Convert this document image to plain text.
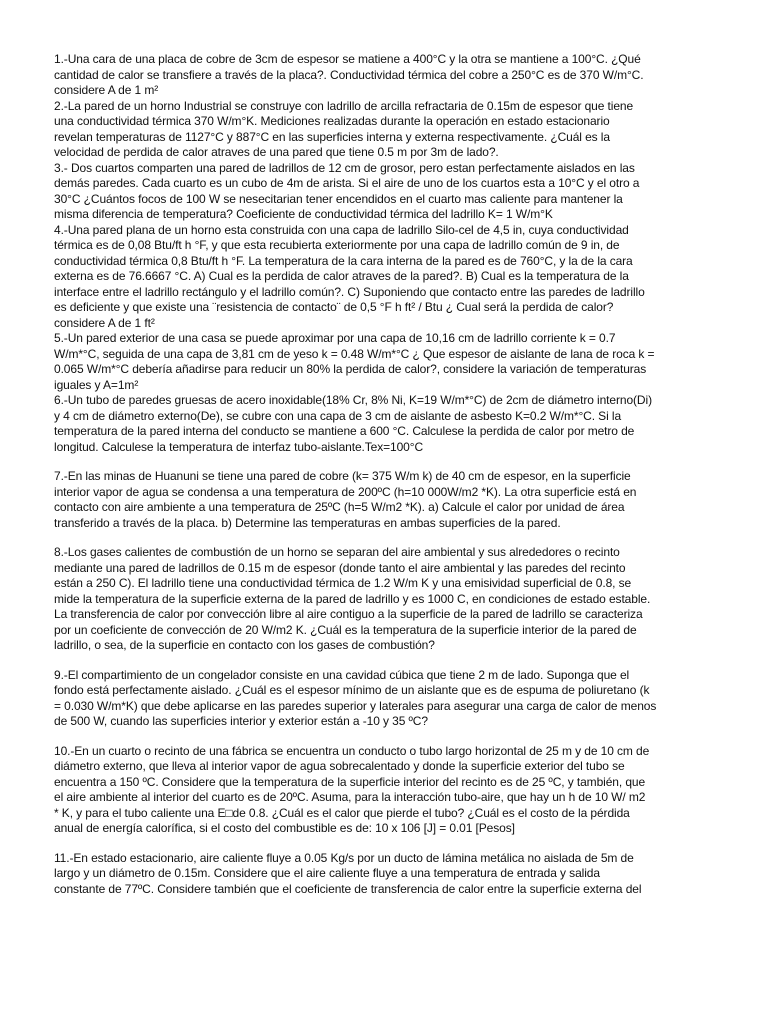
1.-Una cara de una placa de cobre de 3cm de espesor se matiene a 400°C y la otra se mantiene a 100°C. ¿Qué
cantidad de calor se transfiere a través de la placa?. Conductividad térmica del cobre a 250°C es de 370 W/m°C.
considere A de 1 m²
2.-La pared de un horno Industrial se construye con ladrillo de arcilla refractaria de 0.15m de espesor que tiene
una conductividad térmica 370 W/m°K. Mediciones realizadas durante la operación en estado estacionario
revelan temperaturas de 1127°C y 887°C en las superficies interna y externa respectivamente. ¿Cuál es la
velocidad de perdida de calor atraves de una pared que tiene 0.5 m por 3m de lado?.
3.- Dos cuartos comparten una pared de ladrillos de 12 cm de grosor, pero estan perfectamente aislados en las
demás paredes. Cada cuarto es un cubo de 4m de arista. Si el aire de uno de los cuartos esta a 10°C y el otro a
30°C ¿Cuántos focos de 100 W se nesecitarian tener encendidos en el cuarto mas caliente para mantener la
misma diferencia de temperatura? Coeficiente de conductividad térmica del ladrillo K= 1 W/m°K
4.-Una pared plana de un horno esta construida con una capa de ladrillo Silo-cel de 4,5 in, cuya conductividad
térmica es de 0,08 Btu/ft h °F, y que esta recubierta exteriormente por una capa de ladrillo común de 9 in, de
conductividad térmica 0,8 Btu/ft h °F. La temperatura de la cara interna de la pared es de 760°C, y la de la cara
externa es de 76.6667 °C. A) Cual es la perdida de calor atraves de la pared?. B) Cual es la temperatura de la
interface entre el ladrillo rectángulo y el ladrillo común?. C) Suponiendo que contacto entre las paredes de ladrillo
es deficiente y que existe una ¨resistencia de contacto¨ de 0,5 °F h ft² / Btu ¿ Cual será la perdida de calor?
considere A de 1 ft²
5.-Un pared exterior de una casa se puede aproximar por una capa de 10,16 cm de ladrillo corriente k = 0.7
W/m*°C, seguida de una capa de 3,81 cm de yeso k = 0.48 W/m*°C ¿ Que espesor de aislante de lana de roca k =
0.065 W/m*°C debería añadirse para reducir un 80% la perdida de calor?, considere la variación de temperaturas
iguales y A=1m²
6.-Un tubo de paredes gruesas de acero inoxidable(18% Cr, 8% Ni, K=19 W/m*°C) de 2cm de diámetro interno(Di)
y 4 cm de diámetro externo(De), se cubre con una capa de 3 cm de aislante de asbesto K=0.2 W/m*°C. Si la
temperatura de la pared interna del conducto se mantiene a 600 °C. Calculese la perdida de calor por metro de
longitud. Calculese la temperatura de interfaz tubo-aislante.Tex=100°C
7.-En las minas de Huanuni se tiene una pared de cobre (k= 375 W/m k) de 40 cm de espesor, en la superficie
interior vapor de agua se condensa a una temperatura de 200ºC (h=10 000W/m2 *K). La otra superficie está en
contacto con aire ambiente a una temperatura de 25ºC (h=5 W/m2 *K). a) Calcule el calor por unidad de área
transferido a través de la placa. b) Determine las temperaturas en ambas superficies de la pared.
8.-Los gases calientes de combustión de un horno se separan del aire ambiental y sus alrededores o recinto
mediante una pared de ladrillos de 0.15 m de espesor (donde tanto el aire ambiental y las paredes del recinto
están a 250 C). El ladrillo tiene una conductividad térmica de 1.2 W/m K y una emisividad superficial de 0.8, se
mide la temperatura de la superficie externa de la pared de ladrillo y es 1000 C, en condiciones de estado estable.
La transferencia de calor por convección libre al aire contiguo a la superficie de la pared de ladrillo se caracteriza
por un coeficiente de convección de 20 W/m2 K. ¿Cuál es la temperatura de la superficie interior de la pared de
ladrillo, o sea, de la superficie en contacto con los gases de combustión?
9.-El compartimiento de un congelador consiste en una cavidad cúbica que tiene 2 m de lado. Suponga que el
fondo está perfectamente aislado. ¿Cuál es el espesor mínimo de un aislante que es de espuma de poliuretano (k
= 0.030 W/m*K) que debe aplicarse en las paredes superior y laterales para asegurar una carga de calor de menos
de 500 W, cuando las superficies interior y exterior están a -10 y 35 ºC?
10.-En un cuarto o recinto de una fábrica se encuentra un conducto o tubo largo horizontal de 25 m y de 10 cm de
diámetro externo, que lleva al interior vapor de agua sobrecalentado y donde la superficie exterior del tubo se
encuentra a 150 ºC. Considere que la temperatura de la superficie interior del recinto es de 25 ºC, y también, que
el aire ambiente al interior del cuarto es de 20ºC. Asuma, para la interacción tubo-aire, que hay un h de 10 W/ m2
* K, y para el tubo caliente una E□de 0.8. ¿Cuál es el calor que pierde el tubo? ¿Cuál es el costo de la pérdida
anual de energía calorífica, si el costo del combustible es de: 10 x 106 [J] = 0.01 [Pesos]
11.-En estado estacionario, aire caliente fluye a 0.05 Kg/s por un ducto de lámina metálica no aislada de 5m de
largo y un diámetro de 0.15m. Considere que el aire caliente fluye a una temperatura de entrada y salida
constante de 77ºC. Considere también que el coeficiente de transferencia de calor entre la superficie externa del
